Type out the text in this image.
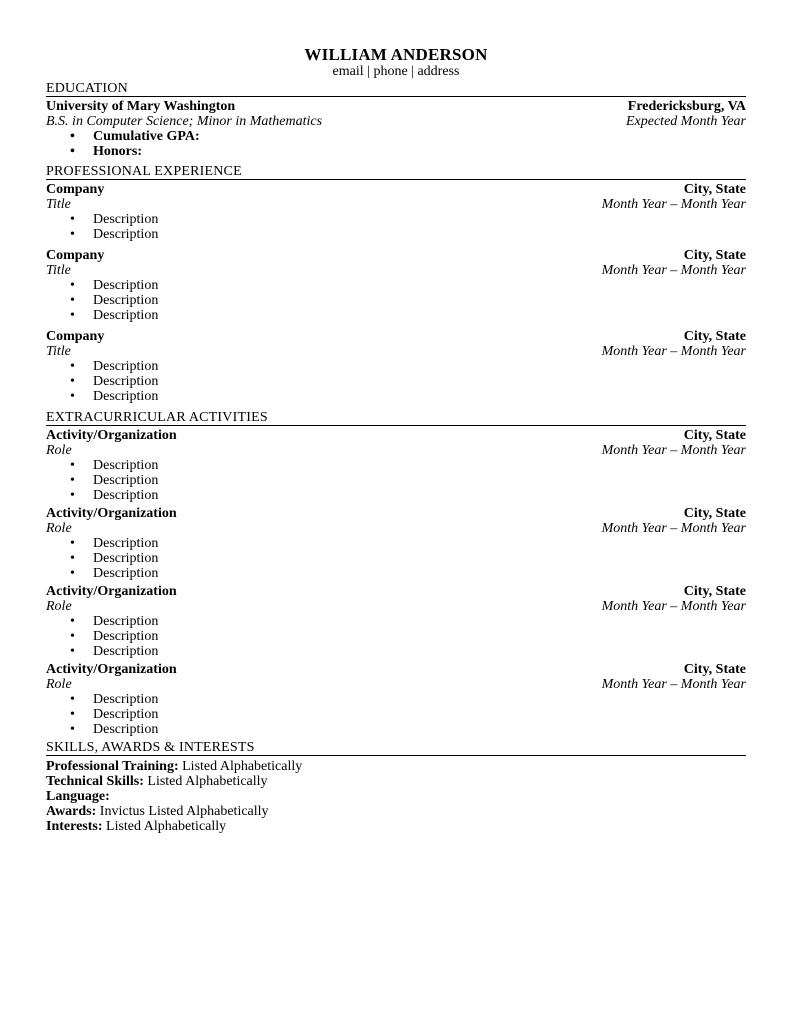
WILLIAM ANDERSON
email | phone | address
EDUCATION
University of Mary Washington	Fredericksburg, VA
B.S. in Computer Science; Minor in Mathematics	Expected Month Year
• Cumulative GPA:
• Honors:
PROFESSIONAL EXPERIENCE
Company	City, State
Title	Month Year – Month Year
• Description
• Description
Company	City, State
Title	Month Year – Month Year
• Description
• Description
• Description
Company	City, State
Title	Month Year – Month Year
• Description
• Description
• Description
EXTRACURRICULAR ACTIVITIES
Activity/Organization	City, State
Role	Month Year – Month Year
• Description
• Description
• Description
Activity/Organization	City, State
Role	Month Year – Month Year
• Description
• Description
• Description
Activity/Organization	City, State
Role	Month Year – Month Year
• Description
• Description
• Description
Activity/Organization	City, State
Role	Month Year – Month Year
• Description
• Description
• Description
SKILLS, AWARDS & INTERESTS
Professional Training: Listed Alphabetically
Technical Skills: Listed Alphabetically
Language:
Awards: Invictus Listed Alphabetically
Interests: Listed Alphabetically
